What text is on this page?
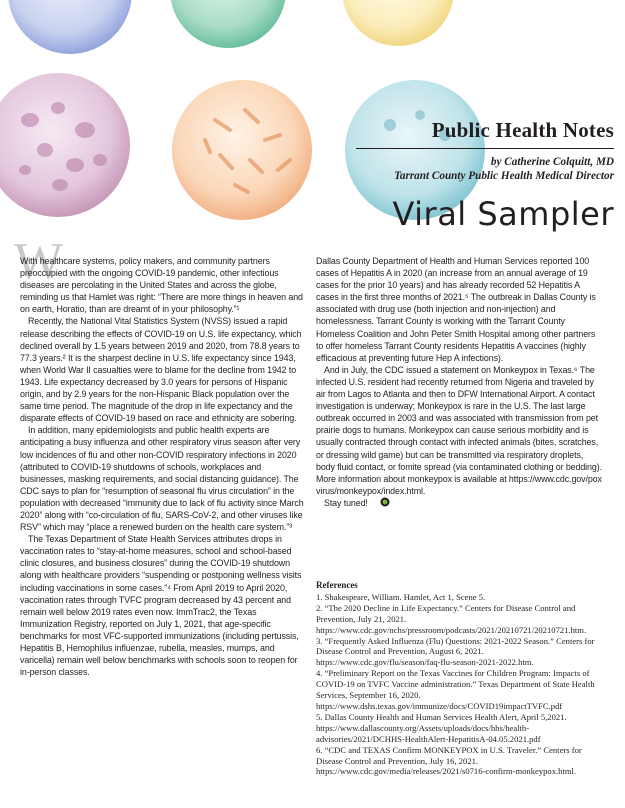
Public Health Notes
by Catherine Colquitt, MD
Tarrant County Public Health Medical Director
Viral Sampler
W

With healthcare systems, policy makers, and community partners preoccupied with the ongoing COVID-19 pandemic, other infectious diseases are percolating in the United States and across the globe, reminding us that Hamlet was right: “There are more things in heaven and on earth, Horatio, than are dreamt of in your philosophy.”¹

Recently, the National Vital Statistics System (NVSS) issued a rapid release describing the effects of COVID-19 on U.S. life expectancy, which declined overall by 1.5 years between 2019 and 2020, from 78.8 years to 77.3 years.² It is the sharpest decline in U.S. life expectancy since 1943, when World War II casualties were to blame for the decline from 1942 to 1943. Life expectancy decreased by 3.0 years for persons of Hispanic origin, and by 2.9 years for the non-Hispanic Black population over the same time period. The magnitude of the drop in life expectancy and the disparate effects of COVID-19 based on race and ethnicity are sobering.

In addition, many epidemiologists and public health experts are anticipating a busy influenza and other respiratory virus season after very low incidences of flu and other non-COVID respiratory infections in 2020 (attributed to COVID-19 shutdowns of schools, workplaces and businesses, masking requirements, and social distancing guidance). The CDC says to plan for “resumption of seasonal flu virus circulation” in the population with decreased “immunity due to lack of flu activity since March 2020” along with “co-circulation of flu, SARS-CoV-2, and other viruses like RSV” which may “place a renewed burden on the health care system.”³

The Texas Department of State Health Services attributes drops in vaccination rates to “stay-at-home measures, school and school-based clinic closures, and business closures” during the COVID-19 shutdown along with healthcare providers “suspending or postponing wellness visits including vaccinations in some cases.”⁴ From April 2019 to April 2020, vaccination rates through TVFC program decreased by 43 percent and remain well below 2019 rates even now. ImmTrac2, the Texas Immunization Registry, reported on July 1, 2021, that age-specific benchmarks for most VFC-supported immunizations (including pertussis, Hepatitis B, Hemophilus influenzae, rubella, measles, mumps, and varicella) remain well below benchmarks with schools soon to reopen for in-person classes.

Dallas County Department of Health and Human Services reported 100 cases of Hepatitis A in 2020 (an increase from an annual average of 19 cases for the prior 10 years) and has already recorded 52 Hepatitis A cases in the first three months of 2021.⁵ The outbreak in Dallas County is associated with drug use (both injection and non-injection) and homelessness. Tarrant County is working with the Tarrant County Homeless Coalition and John Peter Smith Hospital among other partners to offer homeless Tarrant County residents Hepatitis A vaccines (highly efficacious at preventing future Hep A infections).

And in July, the CDC issued a statement on Monkeypox in Texas.⁶ The infected U.S. resident had recently returned from Nigeria and traveled by air from Lagos to Atlanta and then to DFW International Airport. A contact investigation is underway; Monkeypox is rare in the U.S. The last large outbreak occurred in 2003 and was associated with transmission from pet prairie dogs to humans. Monkeypox can cause serious morbidity and is usually contracted through contact with infected animals (bites, scratches, or dressing wild game) but can be transmitted via respiratory droplets, body fluid contact, or fomite spread (via contaminated clothing or bedding). More information about monkeypox is available at https://www.cdc.gov/pox virus/monkeypox/index.html.

Stay tuned!

References
1. Shakespeare, William. Hamlet, Act 1, Scene 5.
2. “The 2020 Decline in Life Expectancy.” Centers for Disease Control and Prevention, July 21, 2021. https://www.cdc.gov/nchs/pressroom/podcasts/2021/20210721/20210721.htm.
3. “Frequently Asked Influenza (Flu) Questions: 2021-2022 Season.” Centers for Disease Control and Prevention, August 6, 2021. https://www.cdc.gov/flu/season/faq-flu-season-2021-2022.htm.
4. “Preliminary Report on the Texas Vaccines for Children Program: Impacts of COVID-19 on TVFC Vaccine administration.” Texas Department of State Health Services, September 16, 2020. https://www.dshs.texas.gov/immunize/docs/COVID19impactTVFC.pdf
5. Dallas County Health and Human Services Health Alert, April 5,2021. https://www.dallascounty.org/Assets/uploads/docs/hhs/health-advisories/2021/DCHHS-HealthAlert-HepatitisA-04.05.2021.pdf
6. “CDC and TEXAS Confirm MONKEYPOX in U.S. Traveler.” Centers for Disease Control and Prevention, July 16, 2021. https://www.cdc.gov/media/releases/2021/s0716-confirm-monkeypox.html.
